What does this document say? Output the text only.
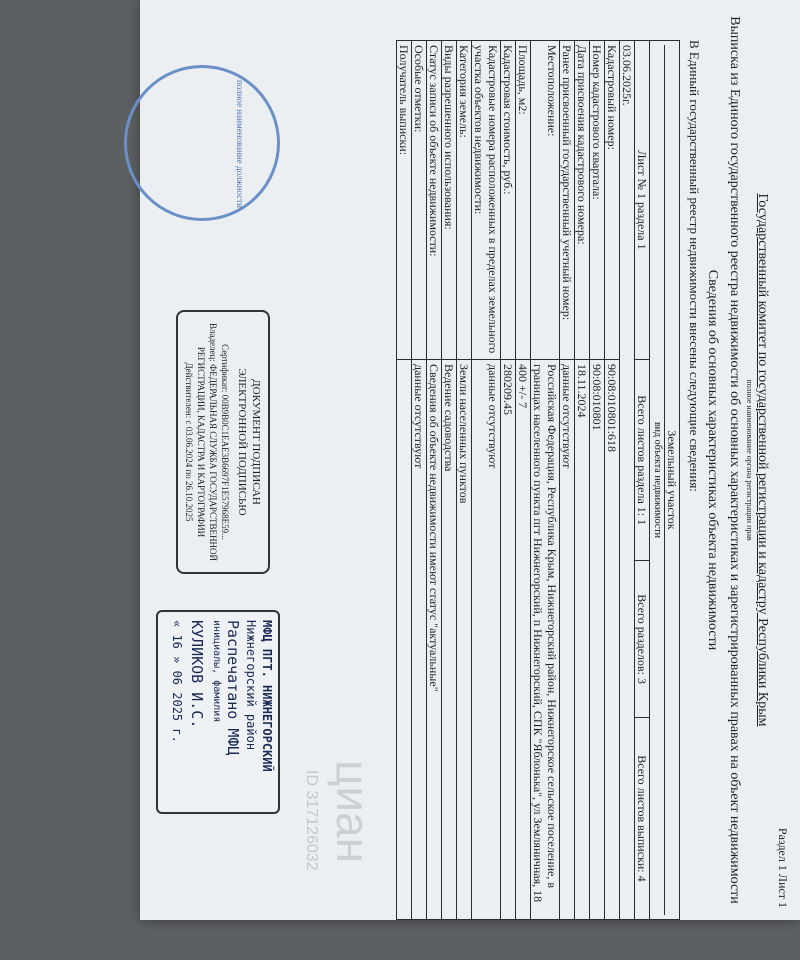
Раздел 1 Лист 1
Государственный комитет по государственной регистрации и кадастру Республики Крым
полное наименование органа регистрации прав
Выписка из Единого государственного реестра недвижимости об основных характеристиках и зарегистрированных правах на объект недвижимости
Сведения об основных характеристиках объекта недвижимости
В Единый государственный реестр недвижимости внесены следующие сведения:
Земельный участок
вид объекта недвижимости			

Лист № 1 раздела 1	Всего листов раздела 1: 1	Всего разделов: 3	Всего листов выписки: 4
03.06.2025г.			
Кадастровый номер:	90:08:010801:618		
Номер кадастрового квартала:	90:08:010801		
Дата присвоения кадастрового номера:	18.11.2024		
Ранее присвоенный государственный учетный номер:	данные отсутствуют		
Местоположение:	Российская Федерация, Республика Крым, Нижнегорский район, Нижнегорское сельское поселение, в границах населенного пункта пгт Нижнегорский, п Нижнегорский, СПК "Яблонька", ул Земляничная, 18		
Площадь, м2:	400 +/- 7		
Кадастровая стоимость, руб.:	280209.45		
Кадастровые номера расположенных в пределах земельного участка объектов недвижимости:	данные отсутствуют		
Категория земель:	Земли населенных пунктов		
Виды разрешенного использования:	Ведение садоводства		
Статус записи об объекте недвижимости:	Сведения об объекте недвижимости имеют статус "актуальные"		
Особые отметки:	данные отсутствуют		
Получатель выписки:			
полное наименование должности
ДОКУМЕНТ ПОДПИСАН
ЭЛЕКТРОННОЙ ПОДПИСЬЮ
Сертификат: 00B9B0C1EAE3B6697F1E57968E59...
Владелец: ФЕДЕРАЛЬНАЯ СЛУЖБА ГОСУДАРСТВЕННОЙ
РЕГИСТРАЦИИ, КАДАСТРА И КАРТОГРАФИИ
Действителен: с 03.06.2024 по 26.10.2025
МФЦ ПГТ. НИЖНЕГОРСКИЙ
Нижнегорский район
Распечатано МФЦ
инициалы, фамилия
КУЛИКОВ И.С.
« 16 » 06 2025 г.
циан
ID 317126032
